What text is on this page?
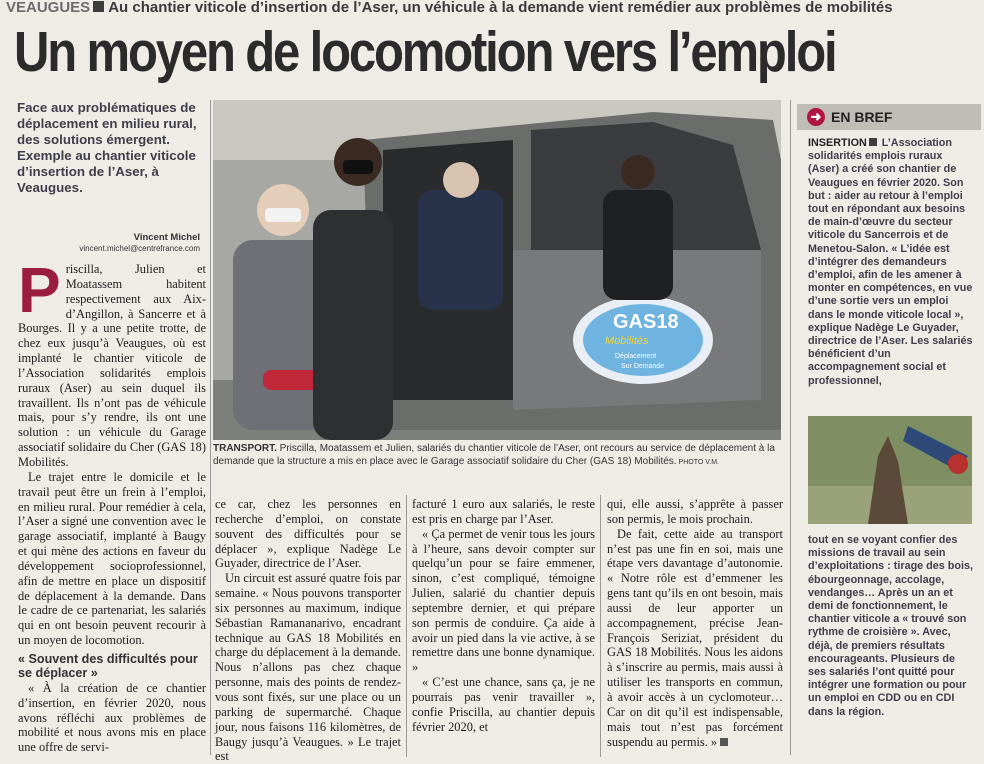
VEAUGUES Au chantier viticole d’insertion de l’Aser, un véhicule à la demande vient remédier aux problèmes de mobilités
Un moyen de locomotion vers l’emploi
Face aux problématiques de déplacement en milieu rural, des solutions émergent. Exemple au chantier viticole d’insertion de l’Aser, à Veaugues.
Vincent Michel
vincent.michel@centrefrance.com

Priscilla, Julien et Moatassem habitent respectivement aux Aix-d’Angillon, à Sancerre et à Bourges. Il y a une petite trotte, de chez eux jusqu’à Veaugues, où est implanté le chantier viticole de l’Association solidarités emplois ruraux (Aser) au sein duquel ils travaillent. Ils n’ont pas de véhicule mais, pour s’y rendre, ils ont une solution : un véhicule du Garage associatif solidaire du Cher (GAS 18) Mobilités.

Le trajet entre le domicile et le travail peut être un frein à l’emploi, en milieu rural. Pour remédier à cela, l’Aser a signé une convention avec le garage associatif, implanté à Baugy et qui mène des actions en faveur du développement socioprofessionnel, afin de mettre en place un dispositif de déplacement à la demande. Dans le cadre de ce partenariat, les salariés qui en ont besoin peuvent recourir à un moyen de locomotion.

« Souvent des difficultés pour se déplacer »

« À la création de ce chantier d’insertion, en février 2020, nous avons réfléchi aux problèmes de mobilité et nous avons mis en place une offre de servi-

GAS18
Mobilités
Déplacement
Sur Demande
TRANSPORT. Priscilla, Moatassem et Julien, salariés du chantier viticole de l’Aser, ont recours au service de déplacement à la demande que la structure a mis en place avec le Garage associatif solidaire du Cher (GAS 18) Mobilités. PHOTO V.M.

ce car, chez les personnes en recherche d’emploi, on constate souvent des difficultés pour se déplacer », explique Nadège Le Guyader, directrice de l’Aser.

Un circuit est assuré quatre fois par semaine. « Nous pouvons transporter six personnes au maximum, indique Sébastian Ramananarivo, encadrant technique au GAS 18 Mobilités en charge du déplacement à la demande. Nous n’allons pas chez chaque personne, mais des points de rendez-vous sont fixés, sur une place ou un parking de supermarché. Chaque jour, nous faisons 116 kilomètres, de Baugy jusqu’à Veaugues. » Le trajet est

facturé 1 euro aux salariés, le reste est pris en charge par l’Aser.

« Ça permet de venir tous les jours à l’heure, sans devoir compter sur quelqu’un pour se faire emmener, sinon, c’est compliqué, témoigne Julien, salarié du chantier depuis septembre dernier, et qui prépare son permis de conduire. Ça aide à avoir un pied dans la vie active, à se remettre dans une bonne dynamique. »

« C’est une chance, sans ça, je ne pourrais pas venir travailler », confie Priscilla, au chantier depuis février 2020, et

qui, elle aussi, s’apprête à passer son permis, le mois prochain.

De fait, cette aide au transport n’est pas une fin en soi, mais une étape vers davantage d’autonomie. « Notre rôle est d’emmener les gens tant qu’ils en ont besoin, mais aussi de leur apporter un accompagnement, précise Jean-François Seriziat, président du GAS 18 Mobilités. Nous les aidons à s’inscrire au permis, mais aussi à utiliser les transports en commun, à avoir accès à un cyclomoteur… Car on dit qu’il est indispensable, mais tout n’est pas forcément suspendu au permis. »

➜ EN BREF
INSERTION L’Association solidarités emplois ruraux (Aser) a créé son chantier de Veaugues en février 2020. Son but : aider au retour à l’emploi tout en répondant aux besoins de main-d’œuvre du secteur viticole du Sancerrois et de Menetou-Salon. « L’idée est d’intégrer des demandeurs d’emploi, afin de les amener à monter en compétences, en vue d’une sortie vers un emploi dans le monde viticole local », explique Nadège Le Guyader, directrice de l’Aser. Les salariés bénéficient d’un accompagnement social et professionnel,
tout en se voyant confier des missions de travail au sein d’exploitations : tirage des bois, ébourgeonnage, accolage, vendanges… Après un an et demi de fonctionnement, le chantier viticole a « trouvé son rythme de croisière ». Avec, déjà, de premiers résultats encourageants. Plusieurs de ses salariés l’ont quitté pour intégrer une formation ou pour un emploi en CDD ou en CDI dans la région.
